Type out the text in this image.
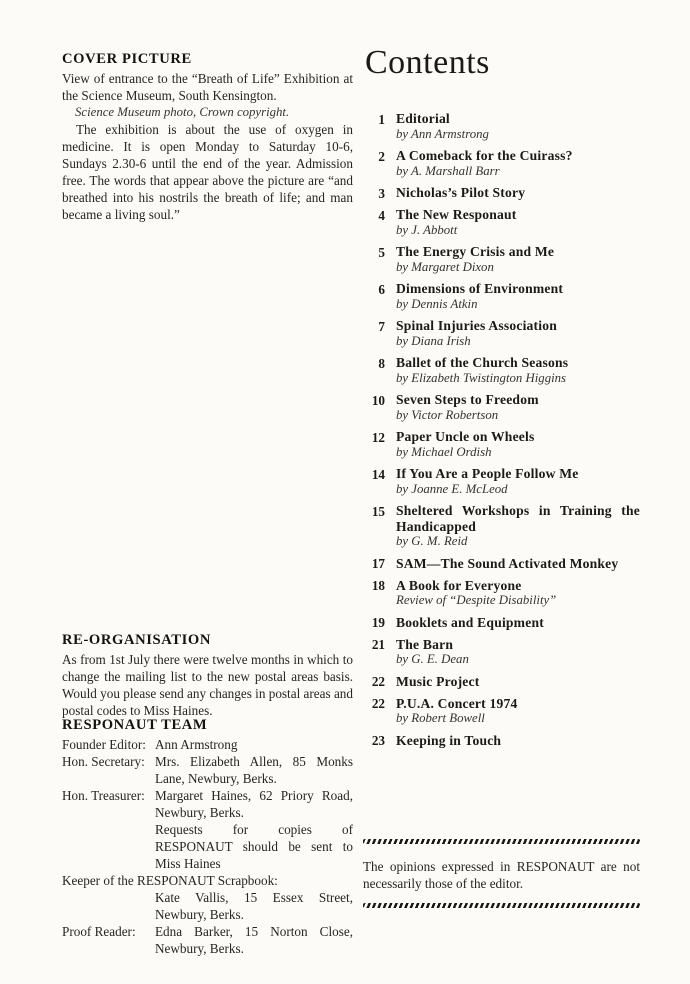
COVER PICTURE

View of entrance to the “Breath of Life” Exhibition at the Science Museum, South Kensington.

Science Museum photo, Crown copyright.

The exhibition is about the use of oxygen in medicine. It is open Monday to Saturday 10-6, Sundays 2.30-6 until the end of the year. Admission free. The words that appear above the picture are “and breathed into his nostrils the breath of life; and man became a living soul.”

RE-ORGANISATION

As from 1st July there were twelve months in which to change the mailing list to the new postal areas basis. Would you please send any changes in postal areas and postal codes to Miss Haines.

RESPONAUT TEAM
Founder Editor: Ann Armstrong
Hon. Secretary: Mrs. Elizabeth Allen, 85 Monks Lane, Newbury, Berks.
Hon. Treasurer: Margaret Haines, 62 Priory Road, Newbury, Berks.
Requests for copies of RESPONAUT should be sent to Miss Haines
Keeper of the RESPONAUT Scrapbook:
Kate Vallis, 15 Essex Street, Newbury, Berks.
Proof Reader:	Edna Barker, 15 Norton Close, Newbury, Berks.
Contents
1 Editorial
by Ann Armstrong
2 A Comeback for the Cuirass?
by A. Marshall Barr
3 Nicholas’s Pilot Story
4 The New Responaut
by J. Abbott
5 The Energy Crisis and Me
by Margaret Dixon
6 Dimensions of Environment
by Dennis Atkin
7 Spinal Injuries Association
by Diana Irish
8 Ballet of the Church Seasons
by Elizabeth Twistington Higgins
10 Seven Steps to Freedom
by Victor Robertson
12 Paper Uncle on Wheels
by Michael Ordish
14 If You Are a People Follow Me
by Joanne E. McLeod
15 Sheltered Workshops in Training the Handicapped
by G. M. Reid
17 SAM—The Sound Activated Monkey
18 A Book for Everyone
Review of “Despite Disability”
19 Booklets and Equipment
21 The Barn
by G. E. Dean
22 Music Project
22 P.U.A. Concert 1974
by Robert Bowell
23 Keeping in Touch

The opinions expressed in RESPONAUT are not necessarily those of the editor.
